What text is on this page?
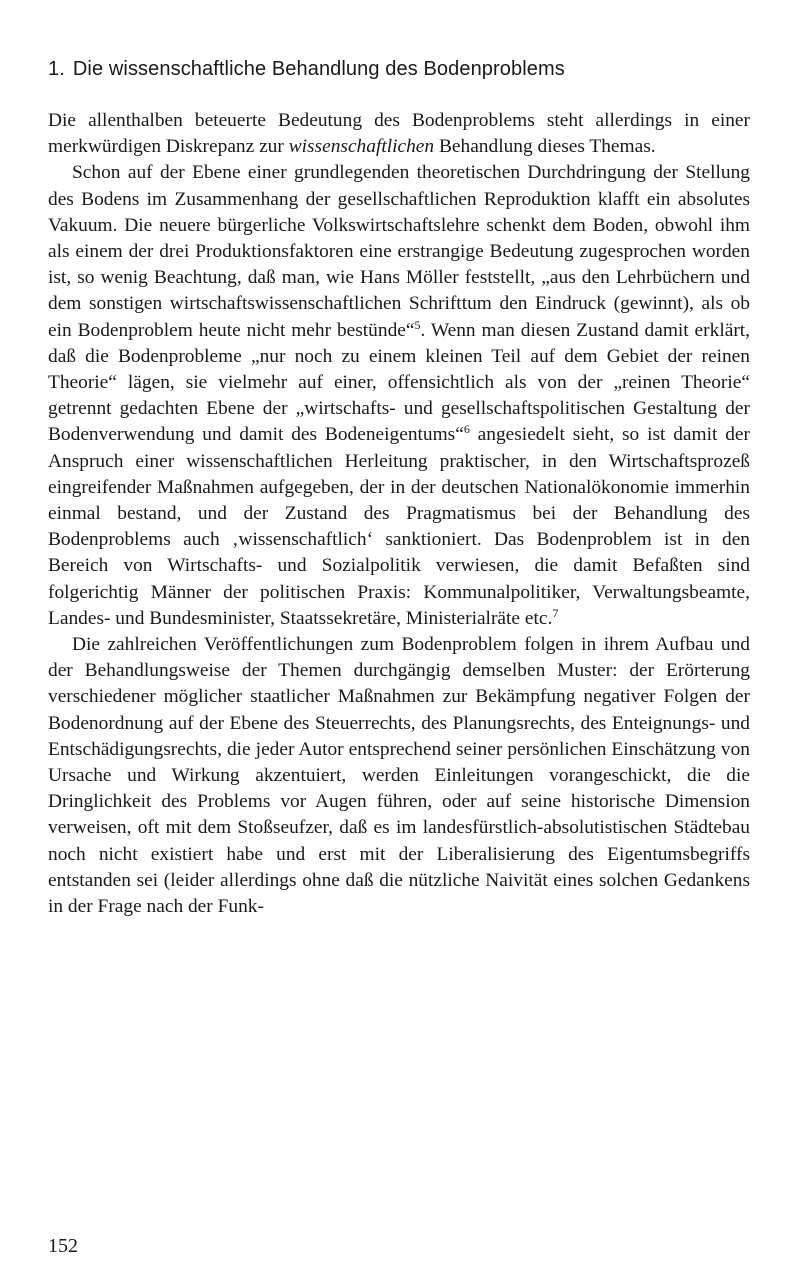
1. Die wissenschaftliche Behandlung des Bodenproblems

Die allenthalben beteuerte Bedeutung des Bodenproblems steht allerdings in einer merkwürdigen Diskrepanz zur wissenschaftlichen Behandlung dieses Themas.

Schon auf der Ebene einer grundlegenden theoretischen Durchdringung der Stellung des Bodens im Zusammenhang der gesellschaftlichen Reproduktion klafft ein absolutes Vakuum. Die neuere bürgerliche Volkswirtschaftslehre schenkt dem Boden, obwohl ihm als einem der drei Produktionsfaktoren eine erstrangige Bedeutung zugesprochen worden ist, so wenig Beachtung, daß man, wie Hans Möller feststellt, „aus den Lehrbüchern und dem sonstigen wirtschaftswissenschaftlichen Schrifttum den Eindruck (gewinnt), als ob ein Bodenproblem heute nicht mehr bestünde“$^5$. Wenn man diesen Zustand damit erklärt, daß die Bodenprobleme „nur noch zu einem kleinen Teil auf dem Gebiet der reinen Theorie“ lägen, sie vielmehr auf einer, offensichtlich als von der „reinen Theorie“ getrennt gedachten Ebene der „wirtschafts- und gesellschaftspolitischen Gestaltung der Bodenverwendung und damit des Bodeneigentums“$^6$ angesiedelt sieht, so ist damit der Anspruch einer wissenschaftlichen Herleitung praktischer, in den Wirtschaftsprozeß eingreifender Maßnahmen aufgegeben, der in der deutschen Nationalökonomie immerhin einmal bestand, und der Zustand des Pragmatismus bei der Behandlung des Bodenproblems auch ‚wissenschaftlich‘ sanktioniert. Das Bodenproblem ist in den Bereich von Wirtschafts- und Sozialpolitik verwiesen, die damit Befaßten sind folgerichtig Männer der politischen Praxis: Kommunalpolitiker, Verwaltungsbeamte, Landes- und Bundesminister, Staatssekretäre, Ministerialräte etc.$^7$

Die zahlreichen Veröffentlichungen zum Bodenproblem folgen in ihrem Aufbau und der Behandlungsweise der Themen durchgängig demselben Muster: der Erörterung verschiedener möglicher staatlicher Maßnahmen zur Bekämpfung negativer Folgen der Bodenordnung auf der Ebene des Steuerrechts, des Planungsrechts, des Enteignungs- und Entschädigungsrechts, die jeder Autor entsprechend seiner persönlichen Einschätzung von Ursache und Wirkung akzentuiert, werden Einleitungen vorangeschickt, die die Dringlichkeit des Problems vor Augen führen, oder auf seine historische Dimension verweisen, oft mit dem Stoßseufzer, daß es im landesfürstlich-absolutistischen Städtebau noch nicht existiert habe und erst mit der Liberalisierung des Eigentumsbegriffs entstanden sei (leider allerdings ohne daß die nützliche Naivität eines solchen Gedankens in der Frage nach der Funk-

152
